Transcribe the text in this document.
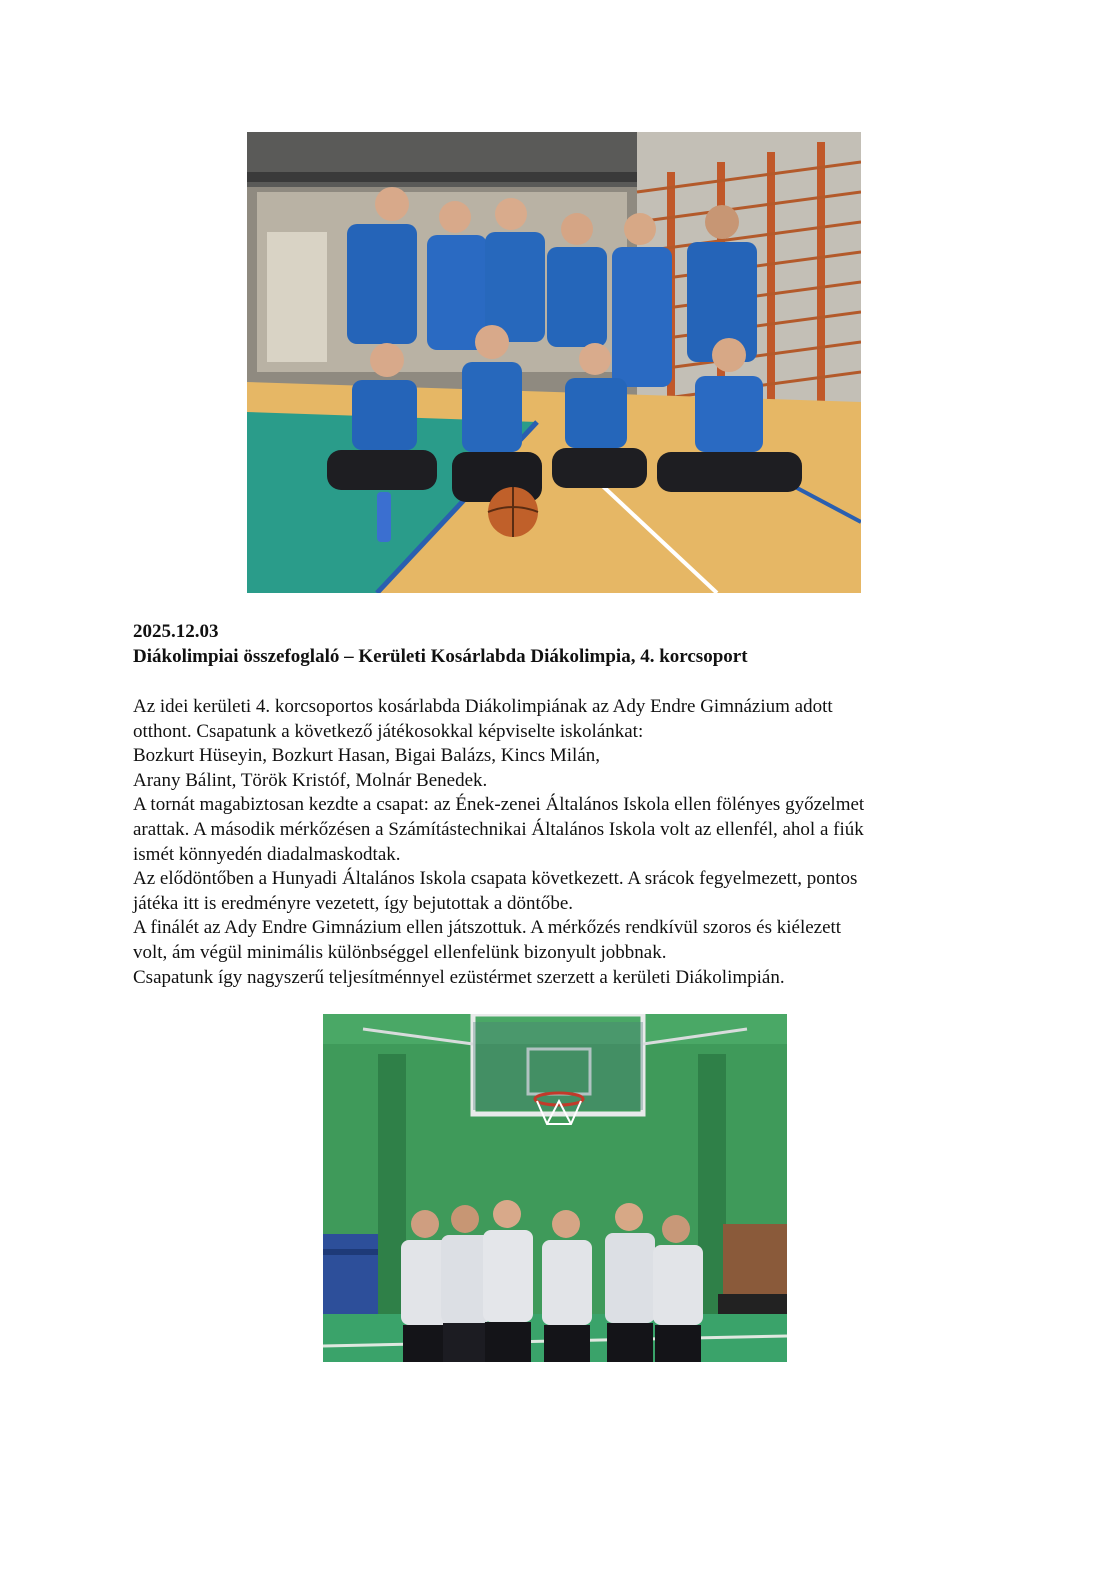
2025.12.03
Diákolimpiai összefoglaló – Kerületi Kosárlabda Diákolimpia, 4. korcsoport
Az idei kerületi 4. korcsoportos kosárlabda Diákolimpiának az Ady Endre Gimnázium adott
otthont. Csapatunk a következő játékosokkal képviselte iskolánkat:
Bozkurt Hüseyin, Bozkurt Hasan, Bigai Balázs, Kincs Milán,
Arany Bálint, Török Kristóf, Molnár Benedek.
A tornát magabiztosan kezdte a csapat: az Ének-zenei Általános Iskola ellen fölényes győzelmet
arattak. A második mérkőzésen a Számítástechnikai Általános Iskola volt az ellenfél, ahol a fiúk
ismét könnyedén diadalmaskodtak.
Az elődöntőben a Hunyadi Általános Iskola csapata következett. A srácok fegyelmezett, pontos
játéka itt is eredményre vezetett, így bejutottak a döntőbe.
A finálét az Ady Endre Gimnázium ellen játszottuk. A mérkőzés rendkívül szoros és kiélezett
volt, ám végül minimális különbséggel ellenfelünk bizonyult jobbnak.
Csapatunk így nagyszerű teljesítménnyel ezüstérmet szerzett a kerületi Diákolimpián.
